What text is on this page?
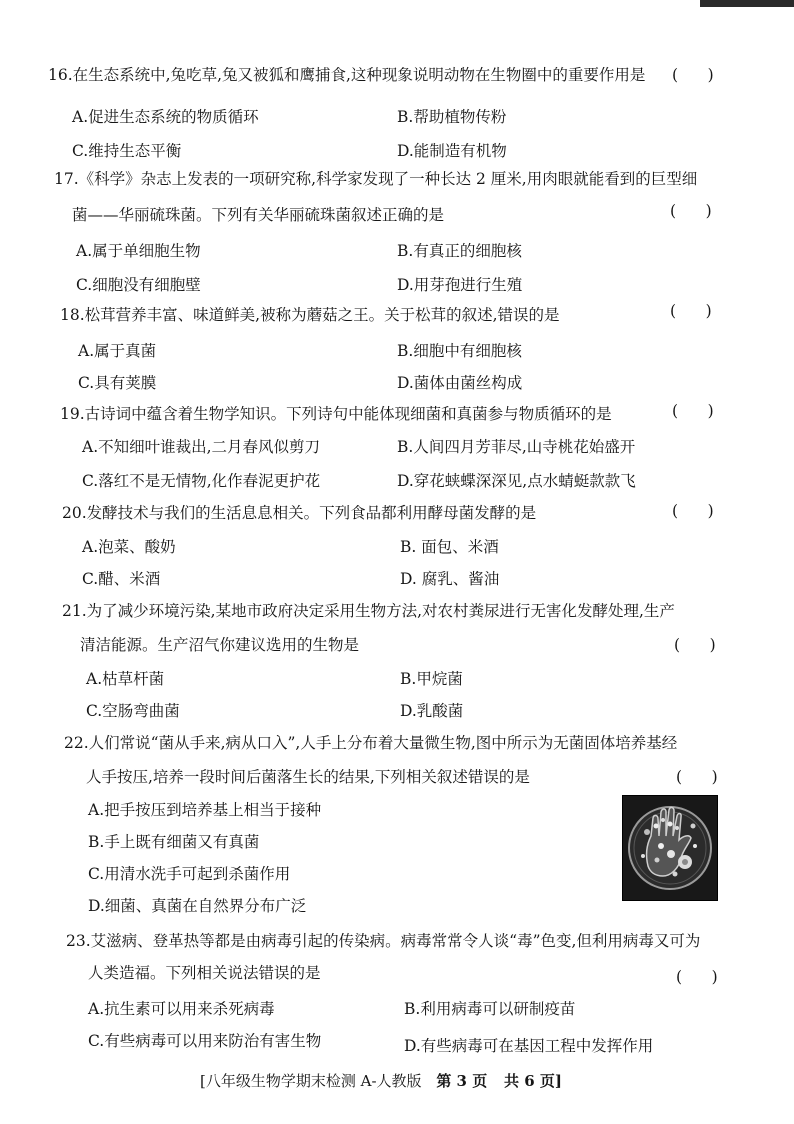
16.在生态系统中,兔吃草,兔又被狐和鹰捕食,这种现象说明动物在生物圈中的重要作用是 (      )
A.促进生态系统的物质循环	B.帮助植物传粉
C.维持生态平衡	D.能制造有机物
17.《科学》杂志上发表的一项研究称,科学家发现了一种长达 2 厘米,用肉眼就能看到的巨型细
菌——华丽硫珠菌。下列有关华丽硫珠菌叙述正确的是	(      )
A.属于单细胞生物	B.有真正的细胞核
C.细胞没有细胞壁	D.用芽孢进行生殖
18.松茸营养丰富、味道鲜美,被称为蘑菇之王。关于松茸的叙述,错误的是	(      )
A.属于真菌	B.细胞中有细胞核
C.具有荚膜	D.菌体由菌丝构成
19.古诗词中蕴含着生物学知识。下列诗句中能体现细菌和真菌参与物质循环的是	(      )
A.不知细叶谁裁出,二月春风似剪刀	B.人间四月芳菲尽,山寺桃花始盛开
C.落红不是无情物,化作春泥更护花	D.穿花蛱蝶深深见,点水蜻蜓款款飞
20.发酵技术与我们的生活息息相关。下列食品都利用酵母菌发酵的是	(      )
A.泡菜、酸奶	B. 面包、米酒
C.醋、米酒	D. 腐乳、酱油
21.为了减少环境污染,某地市政府决定采用生物方法,对农村粪尿进行无害化发酵处理,生产
清洁能源。生产沼气你建议选用的生物是	(      )
A.枯草杆菌	B.甲烷菌
C.空肠弯曲菌	D.乳酸菌
22.人们常说“菌从手来,病从口入”,人手上分布着大量微生物,图中所示为无菌固体培养基经
人手按压,培养一段时间后菌落生长的结果,下列相关叙述错误的是	(      )
A.把手按压到培养基上相当于接种
B.手上既有细菌又有真菌
C.用清水洗手可起到杀菌作用
D.细菌、真菌在自然界分布广泛
23.艾滋病、登革热等都是由病毒引起的传染病。病毒常常令人谈“毒”色变,但利用病毒又可为
人类造福。下列相关说法错误的是	(      )
A.抗生素可以用来杀死病毒	B.利用病毒可以研制疫苗
C.有些病毒可以用来防治有害生物	D.有些病毒可在基因工程中发挥作用
[八年级生物学期末检测 A-人教版 第 3 页 共 6 页]
